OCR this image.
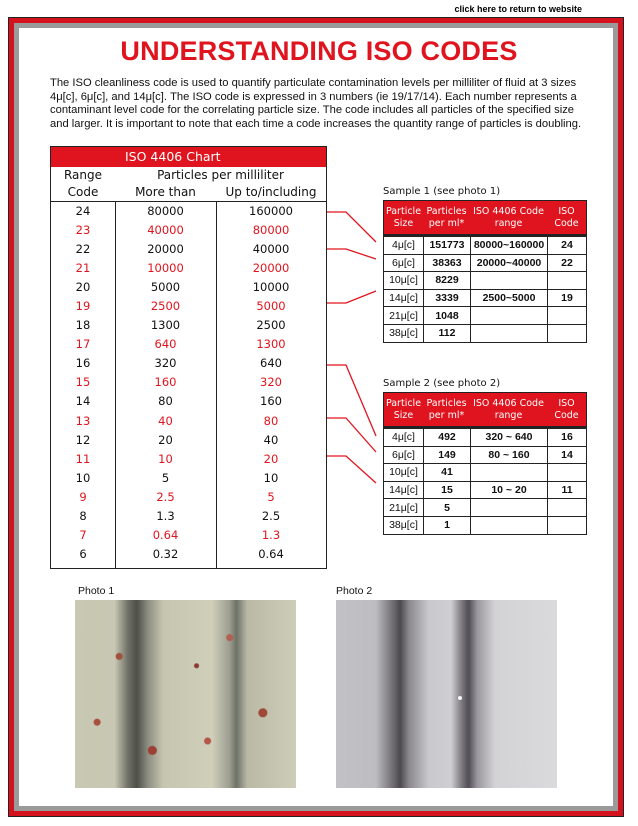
click here to return to website
UNDERSTANDING ISO CODES
The ISO cleanliness code is used to quantify particulate contamination levels per milliliter of fluid at 3 sizes 4μ[c], 6μ[c], and 14μ[c]. The ISO code is expressed in 3 numbers (ie 19/17/14). Each number represents a contaminant level code for the correlating particle size. The code includes all particles of the specified size and larger. It is important to note that each time a code increases the quantity range of particles is doubling.
ISO 4406 Chart
Range	Particles per milliliter
Code	More than	Up to/including
24	80000	160000
23	40000	80000
22	20000	40000
21	10000	20000
20	5000	10000
19	2500	5000
18	1300	2500
17	640	1300
16	320	640
15	160	320
14	80	160
13	40	80
12	20	40
11	10	20
10	5	10
9	2.5	5
8	1.3	2.5
7	0.64	1.3
6	0.32	0.64
Sample 1 (see photo 1)
Particle Size
Particles per ml*
ISO 4406 Code range
ISO Code
4μ[c]	151773 80000~160000	24
6μ[c]	38363	20000~40000	22
10μ[c]	8229
14μ[c]	3339	2500~5000	19
21μ[c]	1048
38μ[c]	112
Sample 2 (see photo 2)
Particle Size
Particles per ml*
ISO 4406 Code range
ISO Code
4μ[c]	492	320 ~ 640	16
6μ[c]	149	80 ~ 160	14
10μ[c]	41
14μ[c]	15	10 ~ 20	11
21μ[c]	5
38μ[c]	1
Photo 1	Photo 2
